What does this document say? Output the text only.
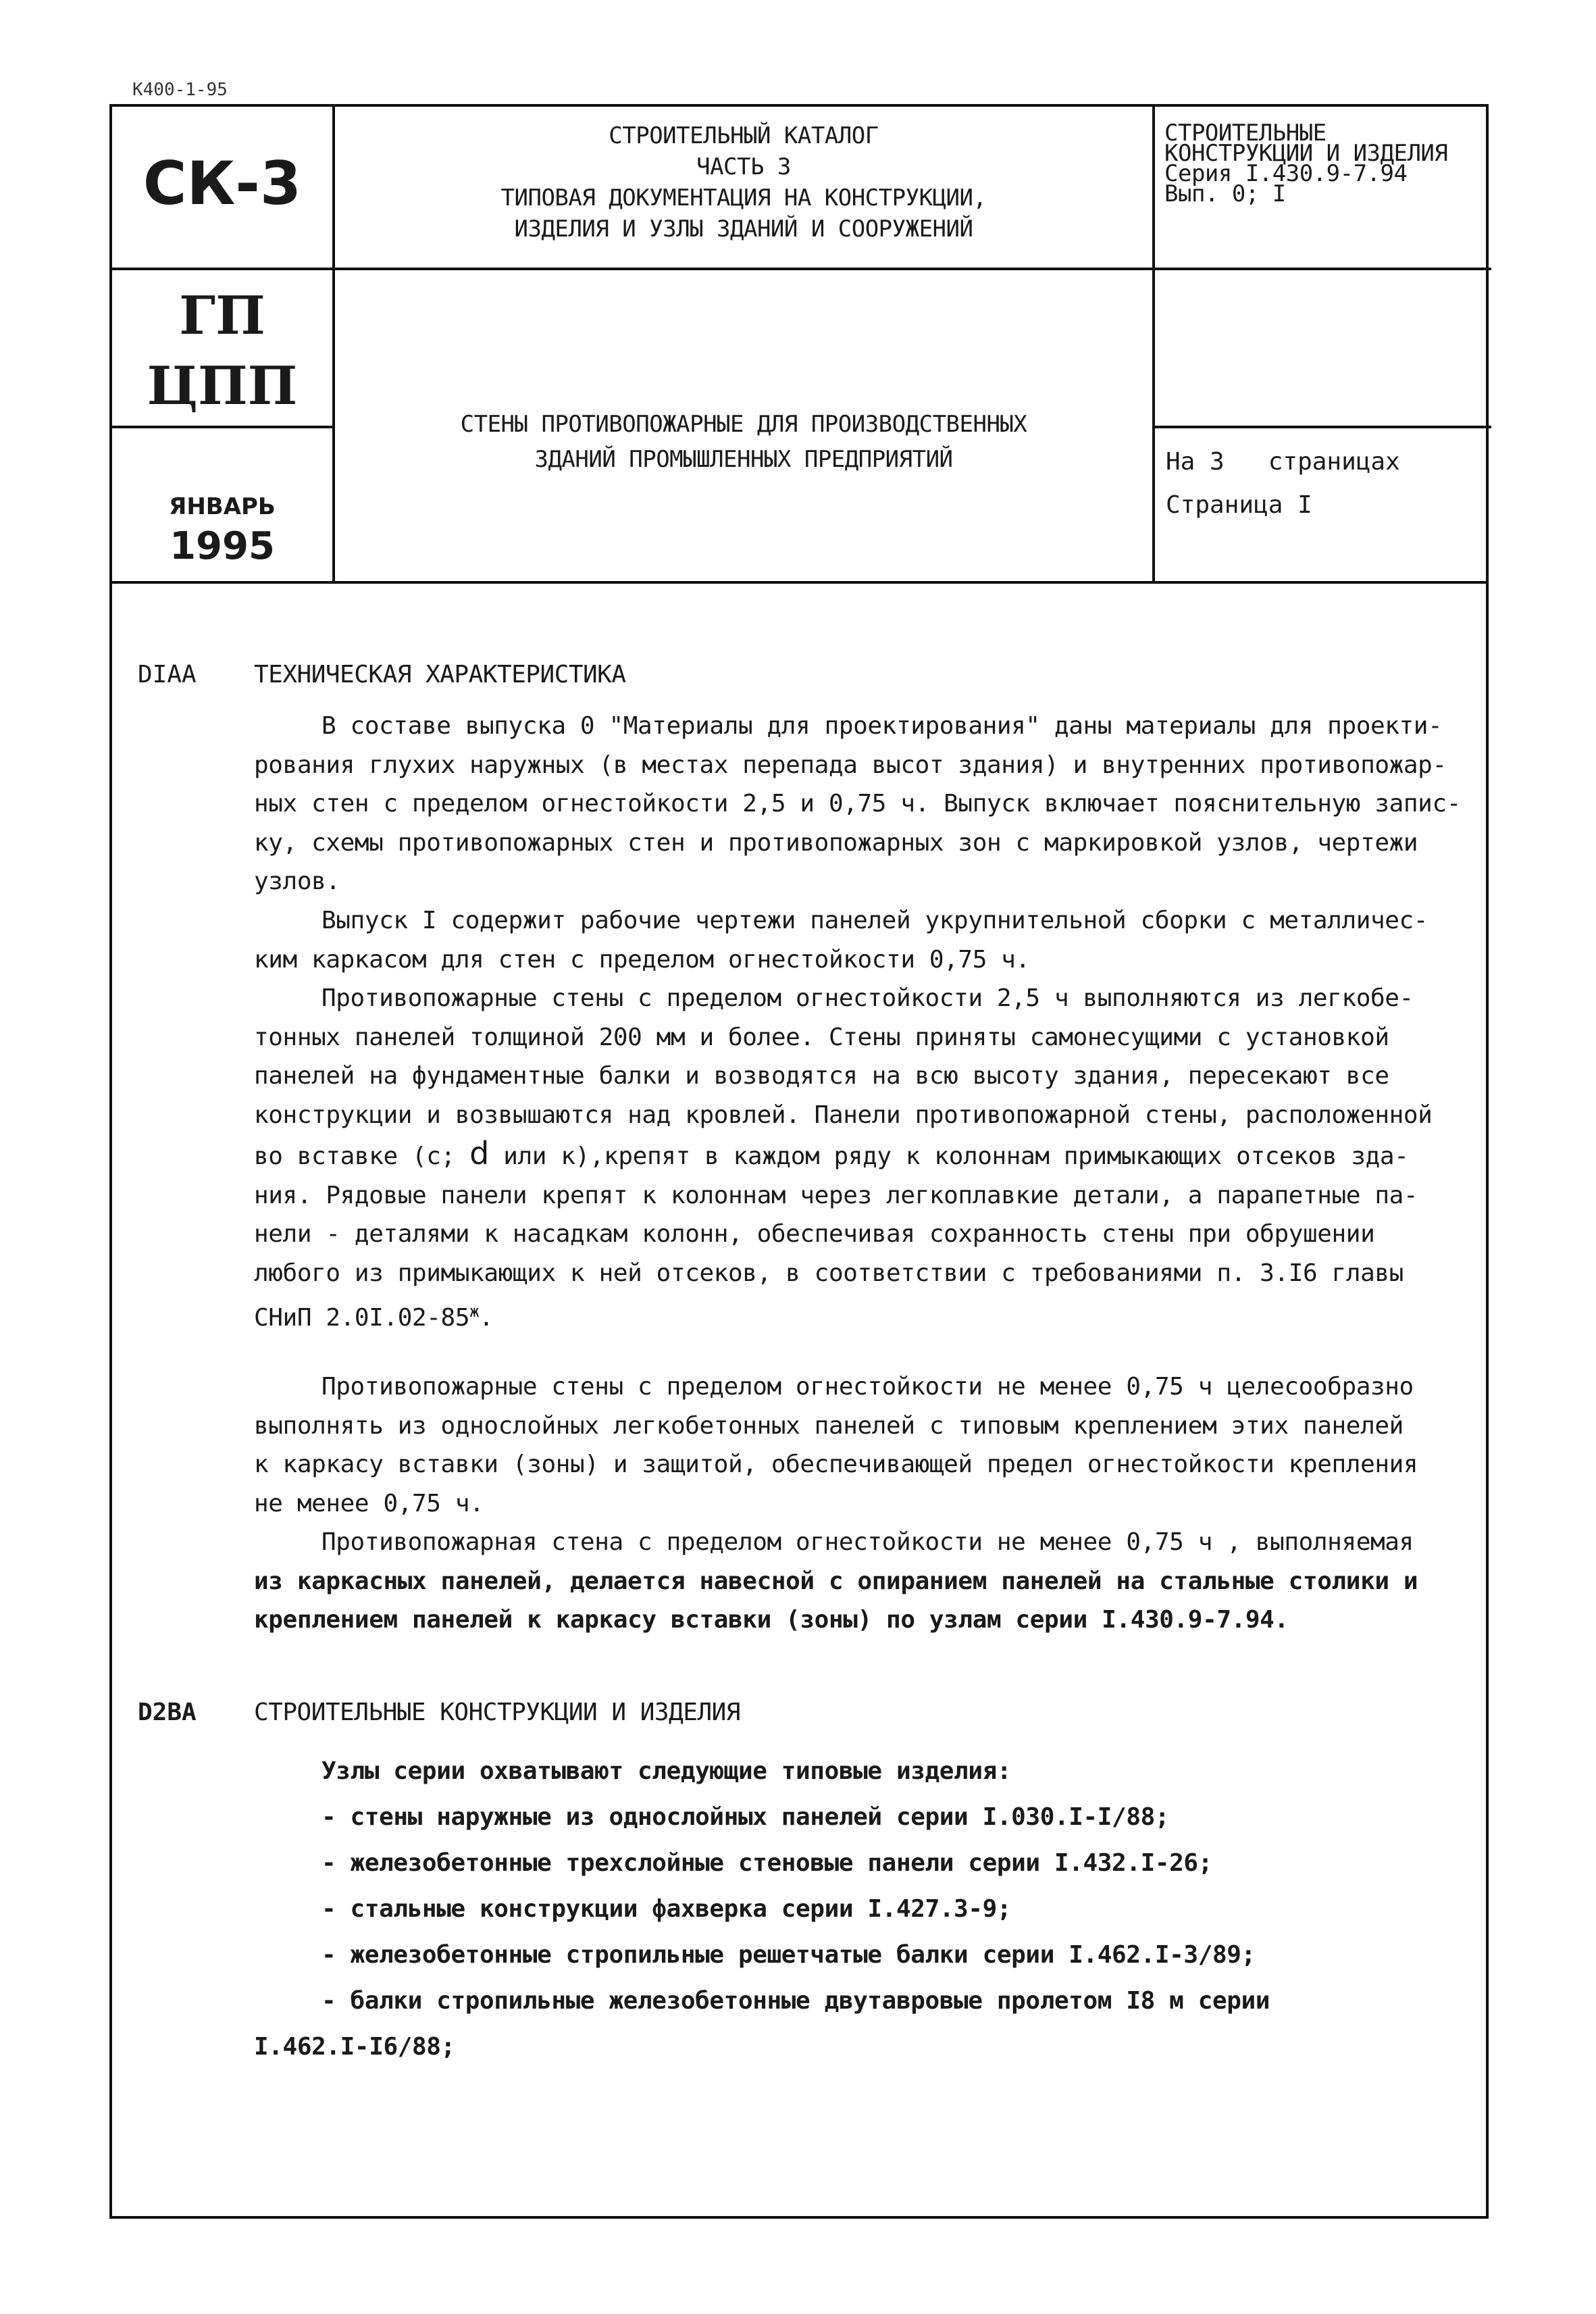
К400-1-95
СК-3
СТРОИТЕЛЬНЫЙ КАТАЛОГ
ЧАСТЬ 3
ТИПОВАЯ ДОКУМЕНТАЦИЯ НА КОНСТРУКЦИИ,
ИЗДЕЛИЯ И УЗЛЫ ЗДАНИЙ И СООРУЖЕНИЙ
СТРОИТЕЛЬНЫЕ
КОНСТРУКЦИИ И ИЗДЕЛИЯ
Серия I.430.9-7.94
Вып. 0; I
ГП
ЦПП
ЯНВАРЬ
1995
СТЕНЫ ПРОТИВОПОЖАРНЫЕ ДЛЯ ПРОИЗВОДСТВЕННЫХ
ЗДАНИЙ ПРОМЫШЛЕННЫХ ПРЕДПРИЯТИЙ	На 3   страницах
Страница I
DIAA ТЕХНИЧЕСКАЯ ХАРАКТЕРИСТИКА
В составе выпуска 0 "Материалы для проектирования" даны материалы для проекти-
рования глухих наружных (в местах перепада высот здания) и внутренних противопожар-
ных стен с пределом огнестойкости 2,5 и 0,75 ч. Выпуск включает пояснительную запис-
ку, схемы противопожарных стен и противопожарных зон с маркировкой узлов, чертежи
узлов.
Выпуск I содержит рабочие чертежи панелей укрупнительной сборки с металличес-
ким каркасом для стен с пределом огнестойкости 0,75 ч.
Противопожарные стены с пределом огнестойкости 2,5 ч выполняются из легкобе-
тонных панелей толщиной 200 мм и более. Стены приняты самонесущими с установкой
панелей на фундаментные балки и возводятся на всю высоту здания, пересекают все
конструкции и возвышаются над кровлей. Панели противопожарной стены, расположенной
во вставке (с; d или к),крепят в каждом ряду к колоннам примыкающих отсеков зда-
ния. Рядовые панели крепят к колоннам через легкоплавкие детали, а парапетные па-
нели - деталями к насадкам колонн, обеспечивая сохранность стены при обрушении
любого из примыкающих к ней отсеков, в соответствии с требованиями п. 3.I6 главы
СНиП $2.0I.02-85^ж$.
Противопожарные стены с пределом огнестойкости не менее 0,75 ч целесообразно
выполнять из однослойных легкобетонных панелей с типовым креплением этих панелей
к каркасу вставки (зоны) и защитой, обеспечивающей предел огнестойкости крепления
не менее 0,75 ч.
Противопожарная стена с пределом огнестойкости не менее 0,75 ч , выполняемая
из каркасных панелей, делается навесной с опиранием панелей на стальные столики и
креплением панелей к каркасу вставки (зоны) по узлам серии I.430.9-7.94.
D2BA СТРОИТЕЛЬНЫЕ КОНСТРУКЦИИ И ИЗДЕЛИЯ
Узлы серии охватывают следующие типовые изделия:
- стены наружные из однослойных панелей серии I.030.I-I/88;
- железобетонные трехслойные стеновые панели серии I.432.I-26;
- стальные конструкции фахверка серии I.427.3-9;
- железобетонные стропильные решетчатые балки серии I.462.I-3/89;
- балки стропильные железобетонные двутавровые пролетом I8 м серии
I.462.I-I6/88;
